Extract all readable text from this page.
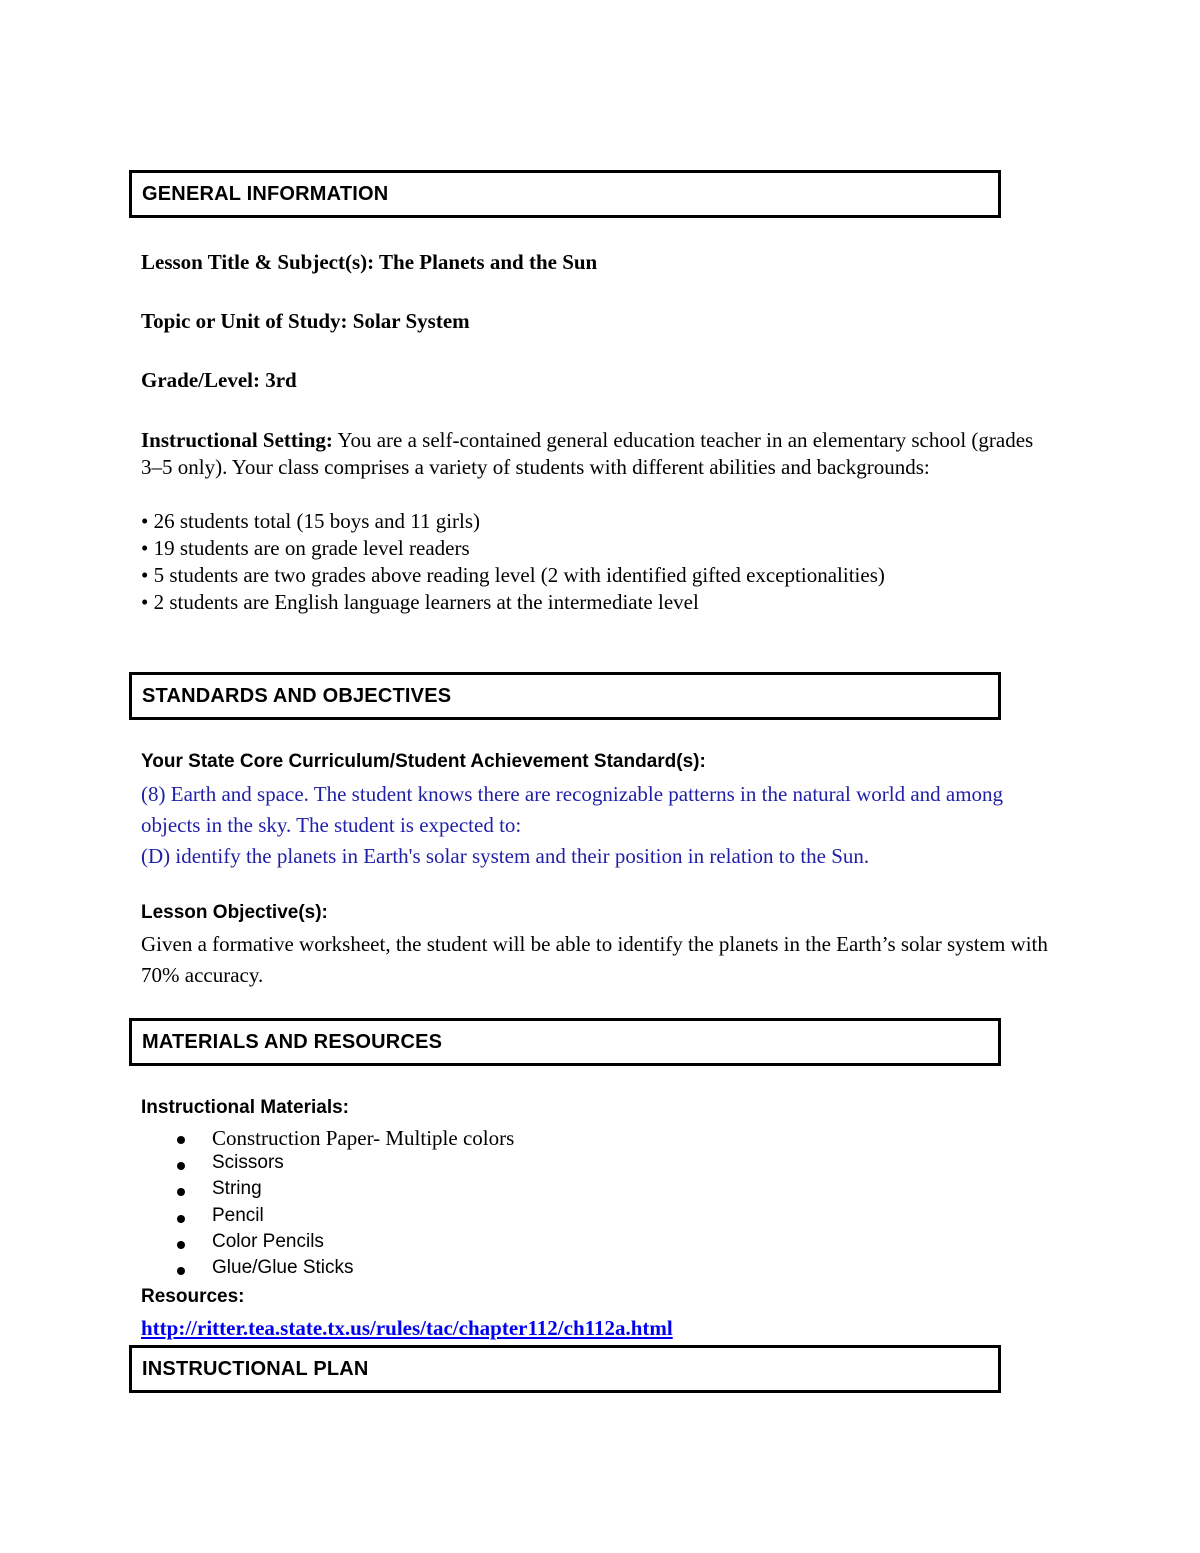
GENERAL INFORMATION
Lesson Title & Subject(s): The Planets and the Sun
Topic or Unit of Study: Solar System
Grade/Level: 3rd
Instructional Setting: You are a self-contained general education teacher in an elementary school (grades 3–5 only). Your class comprises a variety of students with different abilities and backgrounds:
• 26 students total (15 boys and 11 girls)
• 19 students are on grade level readers
• 5 students are two grades above reading level (2 with identified gifted exceptionalities)
• 2 students are English language learners at the intermediate level
STANDARDS AND OBJECTIVES
Your State Core Curriculum/Student Achievement Standard(s):
(8) Earth and space. The student knows there are recognizable patterns in the natural world and among objects in the sky. The student is expected to:
(D) identify the planets in Earth's solar system and their position in relation to the Sun.
Lesson Objective(s):
Given a formative worksheet, the student will be able to identify the planets in the Earth’s solar system with 70% accuracy.
MATERIALS AND RESOURCES
Instructional Materials:
Construction Paper- Multiple colors
Scissors
String
Pencil
Color Pencils
Glue/Glue Sticks
Resources:
http://ritter.tea.state.tx.us/rules/tac/chapter112/ch112a.html
INSTRUCTIONAL PLAN
